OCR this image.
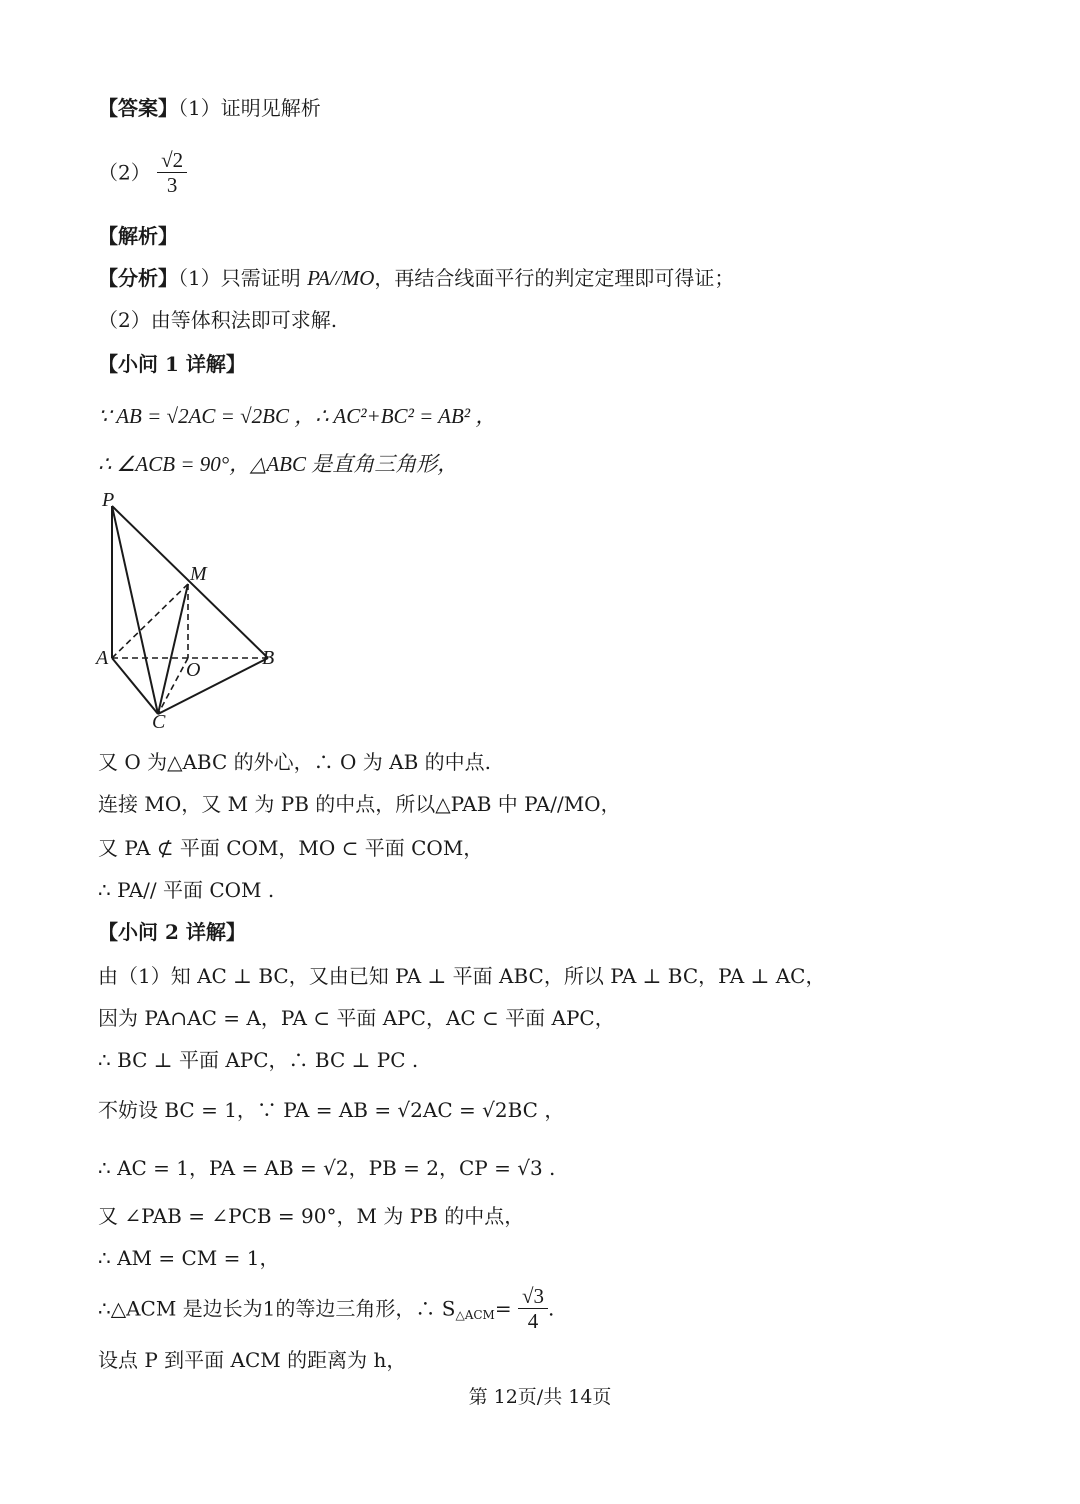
【答案】（1）证明见解析
$(2) \frac{√2}{3}$
【解析】
【分析】（1）只需证明 PA//MO，再结合线面平行的判定定理即可得证；
（2）由等体积法即可求解.
【小问 1 详解】
∵ AB = √2AC = √2BC ，∴ AC²+BC² = AB² ，
∴ ∠ACB = 90°，△ABC 是直角三角形，
P
M
A	B
O
C
又 O 为△ABC 的外心，∴ O 为 AB 的中点.
连接 MO，又 M 为 PB 的中点，所以△PAB 中 PA//MO，
又 PA ⊄ 平面 COM，MO ⊂ 平面 COM，
∴ PA// 平面 COM .
【小问 2 详解】
由（1）知 AC ⊥ BC，又由已知 PA ⊥ 平面 ABC，所以 PA ⊥ BC，PA ⊥ AC，
因为 PA∩AC = A，PA ⊂ 平面 APC，AC ⊂ 平面 APC，
∴ BC ⊥ 平面 APC，∴ BC ⊥ PC .
不妨设 BC = 1，∵ PA = AB = √2AC = √2BC ，
∴ AC = 1，PA = AB = √2，PB = 2，CP = √3 .
又 ∠PAB = ∠PCB = 90°，M 为 PB 的中点，
∴ AM = CM = 1，
∴△ACM 是边长为1的等边三角形，∴ $S_{\triangle ACM}= \frac{√3}{4}$ .
设点 P 到平面 ACM 的距离为 h，
第 12页/共 14页
